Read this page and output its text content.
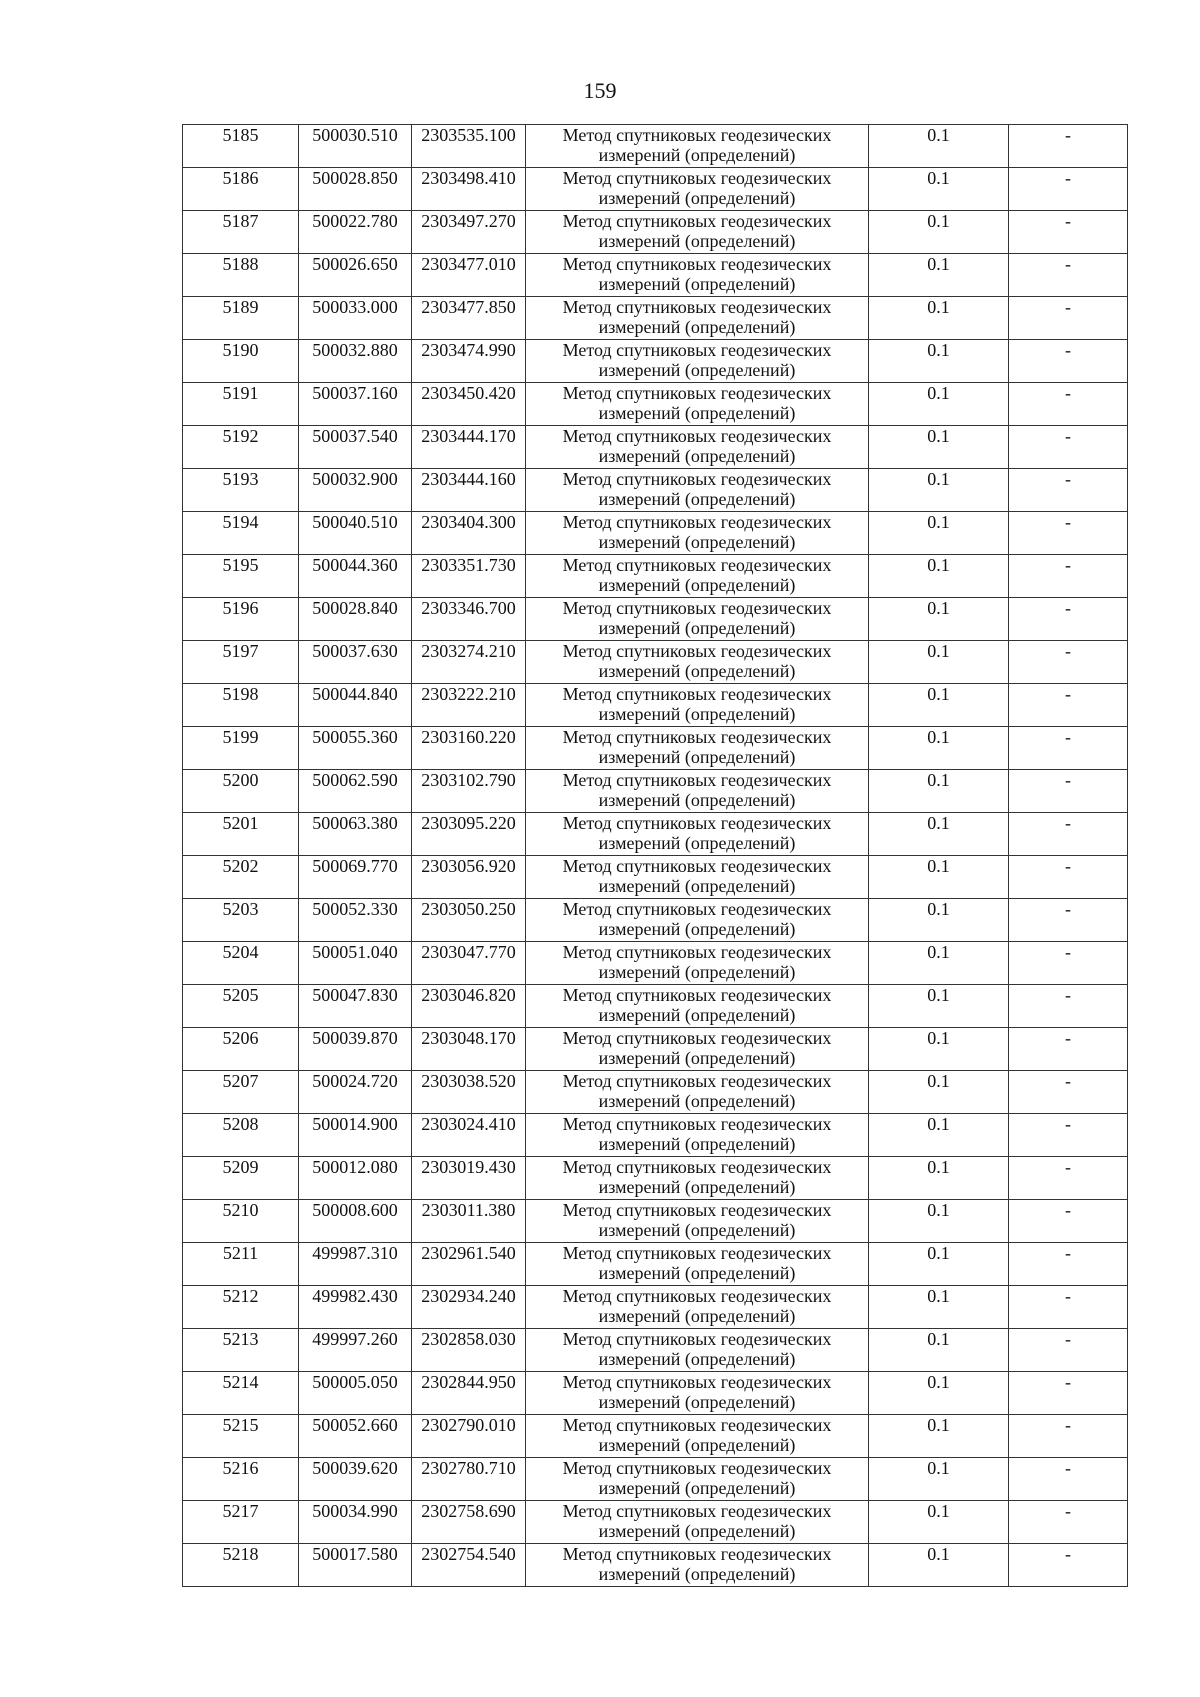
159
5185	500030.510	2303535.100	Метод спутниковых геодезических
измерений (определений)	0.1	-
5186	500028.850	2303498.410	Метод спутниковых геодезических
измерений (определений)	0.1	-
5187	500022.780	2303497.270	Метод спутниковых геодезических
измерений (определений)	0.1	-
5188	500026.650	2303477.010	Метод спутниковых геодезических
измерений (определений)	0.1	-
5189	500033.000	2303477.850	Метод спутниковых геодезических
измерений (определений)	0.1	-
5190	500032.880	2303474.990	Метод спутниковых геодезических
измерений (определений)	0.1	-
5191	500037.160	2303450.420	Метод спутниковых геодезических
измерений (определений)	0.1	-
5192	500037.540	2303444.170	Метод спутниковых геодезических
измерений (определений)	0.1	-
5193	500032.900	2303444.160	Метод спутниковых геодезических
измерений (определений)	0.1	-
5194	500040.510	2303404.300	Метод спутниковых геодезических
измерений (определений)	0.1	-
5195	500044.360	2303351.730	Метод спутниковых геодезических
измерений (определений)	0.1	-
5196	500028.840	2303346.700	Метод спутниковых геодезических
измерений (определений)	0.1	-
5197	500037.630	2303274.210	Метод спутниковых геодезических
измерений (определений)	0.1	-
5198	500044.840	2303222.210	Метод спутниковых геодезических
измерений (определений)	0.1	-
5199	500055.360	2303160.220	Метод спутниковых геодезических
измерений (определений)	0.1	-
5200	500062.590	2303102.790	Метод спутниковых геодезических
измерений (определений)	0.1	-
5201	500063.380	2303095.220	Метод спутниковых геодезических
измерений (определений)	0.1	-
5202	500069.770	2303056.920	Метод спутниковых геодезических
измерений (определений)	0.1	-
5203	500052.330	2303050.250	Метод спутниковых геодезических
измерений (определений)	0.1	-
5204	500051.040	2303047.770	Метод спутниковых геодезических
измерений (определений)	0.1	-
5205	500047.830	2303046.820	Метод спутниковых геодезических
измерений (определений)	0.1	-
5206	500039.870	2303048.170	Метод спутниковых геодезических
измерений (определений)	0.1	-
5207	500024.720	2303038.520	Метод спутниковых геодезических
измерений (определений)	0.1	-
5208	500014.900	2303024.410	Метод спутниковых геодезических
измерений (определений)	0.1	-
5209	500012.080	2303019.430	Метод спутниковых геодезических
измерений (определений)	0.1	-
5210	500008.600	2303011.380	Метод спутниковых геодезических
измерений (определений)	0.1	-
5211	499987.310	2302961.540	Метод спутниковых геодезических
измерений (определений)	0.1	-
5212	499982.430	2302934.240	Метод спутниковых геодезических
измерений (определений)	0.1	-
5213	499997.260	2302858.030	Метод спутниковых геодезических
измерений (определений)	0.1	-
5214	500005.050	2302844.950	Метод спутниковых геодезических
измерений (определений)	0.1	-
5215	500052.660	2302790.010	Метод спутниковых геодезических
измерений (определений)	0.1	-
5216	500039.620	2302780.710	Метод спутниковых геодезических
измерений (определений)	0.1	-
5217	500034.990	2302758.690	Метод спутниковых геодезических
измерений (определений)	0.1	-
5218	500017.580	2302754.540	Метод спутниковых геодезических
измерений (определений)	0.1	-
